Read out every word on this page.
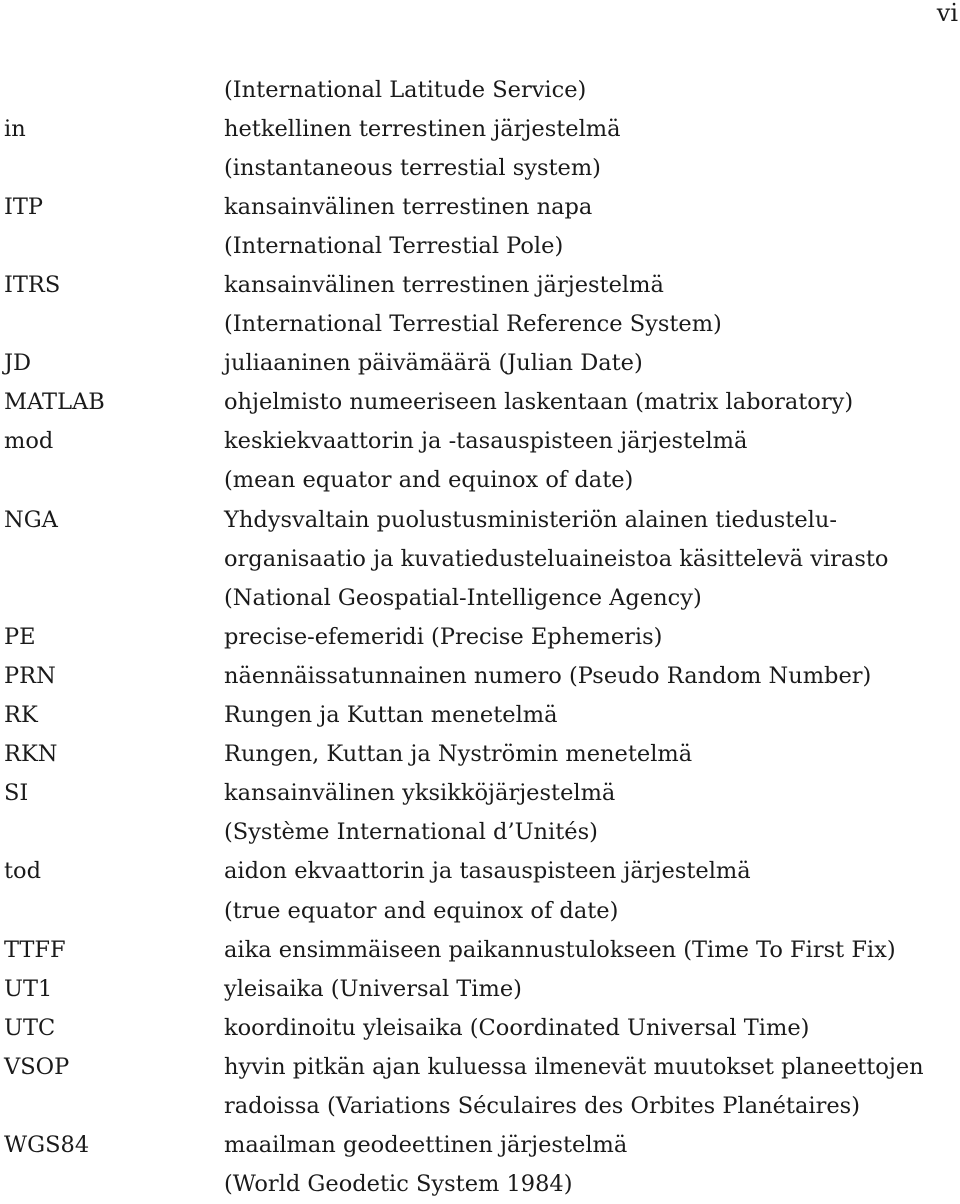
vi
(International Latitude Service)
in	hetkellinen terrestinen järjestelmä
(instantaneous terrestial system)
ITP	kansainvälinen terrestinen napa
(International Terrestial Pole)
ITRS	kansainvälinen terrestinen järjestelmä
(International Terrestial Reference System)
JD	juliaaninen päivämäärä (Julian Date)
MATLAB	ohjelmisto numeeriseen laskentaan (matrix laboratory)
mod	keskiekvaattorin ja -tasauspisteen järjestelmä
(mean equator and equinox of date)
NGA	Yhdysvaltain puolustusministeriön alainen tiedustelu-
organisaatio ja kuvatiedusteluaineistoa käsittelevä virasto
(National Geospatial-Intelligence Agency)
PE	precise-efemeridi (Precise Ephemeris)
PRN	näennäissatunnainen numero (Pseudo Random Number)
RK	Rungen ja Kuttan menetelmä
RKN	Rungen, Kuttan ja Nyströmin menetelmä
SI	kansainvälinen yksikköjärjestelmä
(Système International d’Unités)
tod	aidon ekvaattorin ja tasauspisteen järjestelmä
(true equator and equinox of date)
TTFF	aika ensimmäiseen paikannustulokseen (Time To First Fix)
UT1	yleisaika (Universal Time)
UTC	koordinoitu yleisaika (Coordinated Universal Time)
VSOP	hyvin pitkän ajan kuluessa ilmenevät muutokset planeettojen
radoissa (Variations Séculaires des Orbites Planétaires)
WGS84	maailman geodeettinen järjestelmä
(World Geodetic System 1984)
